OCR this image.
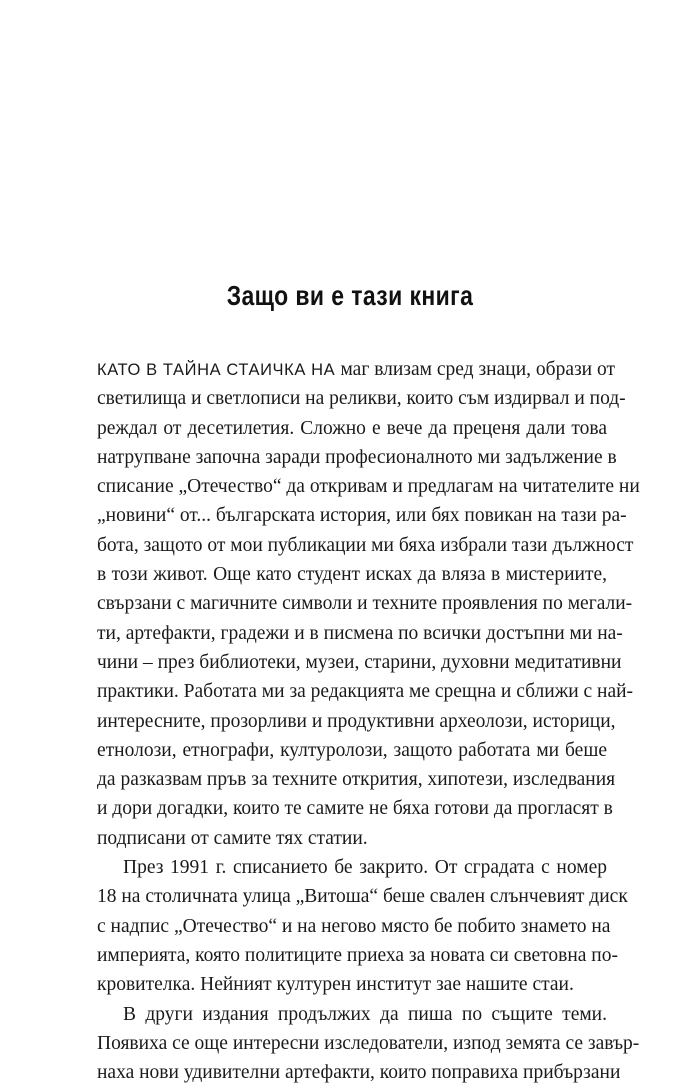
Защо ви е тази книга
КАТО В ТАЙНА СТАИЧКА НА маг влизам сред знаци, образи от
светилища и светлописи на реликви, които съм издирвал и под-
реждал от десетилетия. Сложно е вече да преценя дали това
натрупване започна заради професионалното ми задължение в
списание „Отечество“ да откривам и предлагам на читателите ни
„новини“ от... българската история, или бях повикан на тази ра-
бота, защото от мои публикации ми бяха избрали тази дължност
в този живот. Още като студент исках да вляза в мистериите,
свързани с магичните символи и техните проявления по мегали-
ти, артефакти, градежи и в писмена по всички достъпни ми на-
чини – през библиотеки, музеи, старини, духовни медитативни
практики. Работата ми за редакцията ме срещна и сближи с най-
интересните, прозорливи и продуктивни археолози, историци,
етнолози, етнографи, културолози, защото работата ми беше
да разказвам пръв за техните открития, хипотези, изследвания
и дори догадки, които те самите не бяха готови да прогласят в
подписани от самите тях статии.
През 1991 г. списанието бе закрито. От сградата с номер
18 на столичната улица „Витоша“ беше свален слънчевият диск
с надпис „Отечество“ и на негово място бе побито знамето на
империята, която политиците приеха за новата си световна по-
кровителка. Нейният културен институт зае нашите стаи.
В други издания продължих да пиша по същите теми.
Появиха се още интересни изследователи, изпод земята се завър-
наха нови удивителни артефакти, които поправиха прибързани
